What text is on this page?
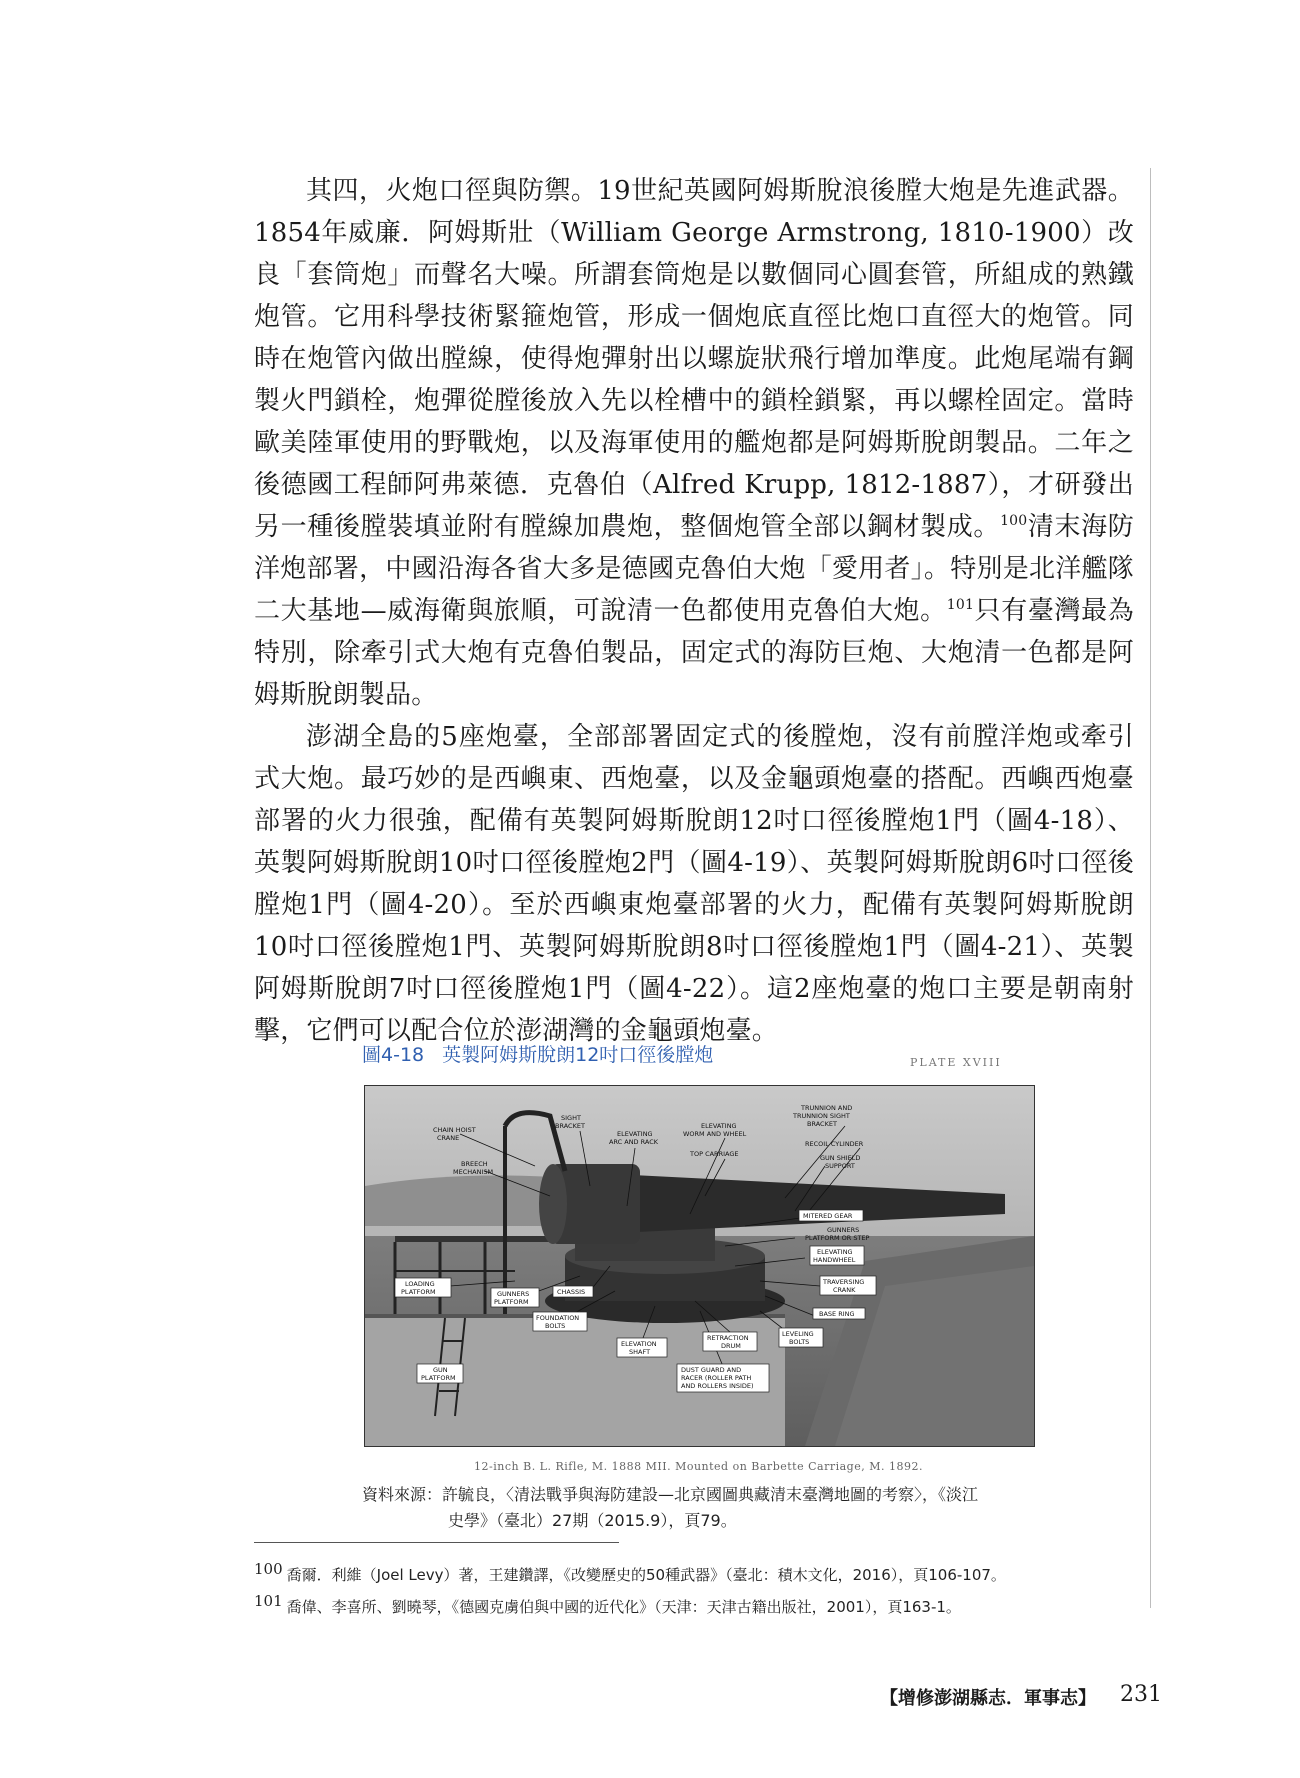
其四，火炮口徑與防禦。19世紀英國阿姆斯脫浪後膛大炮是先進武器。1854年威廉．阿姆斯壯（William George Armstrong, 1810-1900）改良「套筒炮」而聲名大噪。所謂套筒炮是以數個同心圓套管，所組成的熟鐵炮管。它用科學技術緊箍炮管，形成一個炮底直徑比炮口直徑大的炮管。同時在炮管內做出膛線，使得炮彈射出以螺旋狀飛行增加準度。此炮尾端有鋼製火門鎖栓，炮彈從膛後放入先以栓槽中的鎖栓鎖緊，再以螺栓固定。當時歐美陸軍使用的野戰炮，以及海軍使用的艦炮都是阿姆斯脫朗製品。二年之後德國工程師阿弗萊德．克魯伯（Alfred Krupp, 1812-1887），才研發出另一種後膛裝填並附有膛線加農炮，整個炮管全部以鋼材製成。$^{100}$清末海防洋炮部署，中國沿海各省大多是德國克魯伯大炮「愛用者」。特別是北洋艦隊二大基地—威海衛與旅順，可說清一色都使用克魯伯大炮。$^{101}$只有臺灣最為特別，除牽引式大炮有克魯伯製品，固定式的海防巨炮、大炮清一色都是阿姆斯脫朗製品。

澎湖全島的5座炮臺，全部部署固定式的後膛炮，沒有前膛洋炮或牽引式大炮。最巧妙的是西嶼東、西炮臺，以及金龜頭炮臺的搭配。西嶼西炮臺部署的火力很強，配備有英製阿姆斯脫朗12吋口徑後膛炮1門（圖4-18）、英製阿姆斯脫朗10吋口徑後膛炮2門（圖4-19）、英製阿姆斯脫朗6吋口徑後膛炮1門（圖4-20）。至於西嶼東炮臺部署的火力，配備有英製阿姆斯脫朗10吋口徑後膛炮1門、英製阿姆斯脫朗8吋口徑後膛炮1門（圖4-21）、英製阿姆斯脫朗7吋口徑後膛炮1門（圖4-22）。這2座炮臺的炮口主要是朝南射擊，它們可以配合位於澎湖灣的金龜頭炮臺。

圖4-18 英製阿姆斯脫朗12吋口徑後膛炮	PLATE XVIII
CHAIN HOIST CRANE
SIGHT BRACKET
ELEVATING ARC AND RACK
ELEVATING WORM AND WHEEL
TRUNNION AND TRUNNION SIGHT BRACKET
RECOIL CYLINDER
TOP CARRIAGE	GUN SHIELD SUPPORT
BREECH MECHANISM
MITERED GEAR
GUNNERS PLATFORM OR STEP
ELEVATING HANDWHEEL
TRAVERSING CRANK
BASE RING
LOADING PLATFORM	GUNNERS PLATFORM
CHASSIS
FOUNDATION BOLTS
RETRACTION DRUM
LEVELING BOLTS
ELEVATION SHAFT
DUST GUARD AND RACER (ROLLER PATH AND ROLLERS INSIDE)
GUN PLATFORM
12-inch B. L. Rifle, M. 1888 MII. Mounted on Barbette Carriage, M. 1892.
資料來源：許毓良，〈清法戰爭與海防建設—北京國圖典藏清末臺灣地圖的考察〉，《淡江
史學》（臺北）27期（2015.9），頁79。
100 喬爾．利維（Joel Levy）著，王建鑽譯，《改變歷史的50種武器》（臺北：積木文化，2016），頁106-107。
101 喬偉、李喜所、劉曉琴，《德國克虜伯與中國的近代化》（天津：天津古籍出版社，2001），頁163-1。
【增修澎湖縣志．軍事志】 231
